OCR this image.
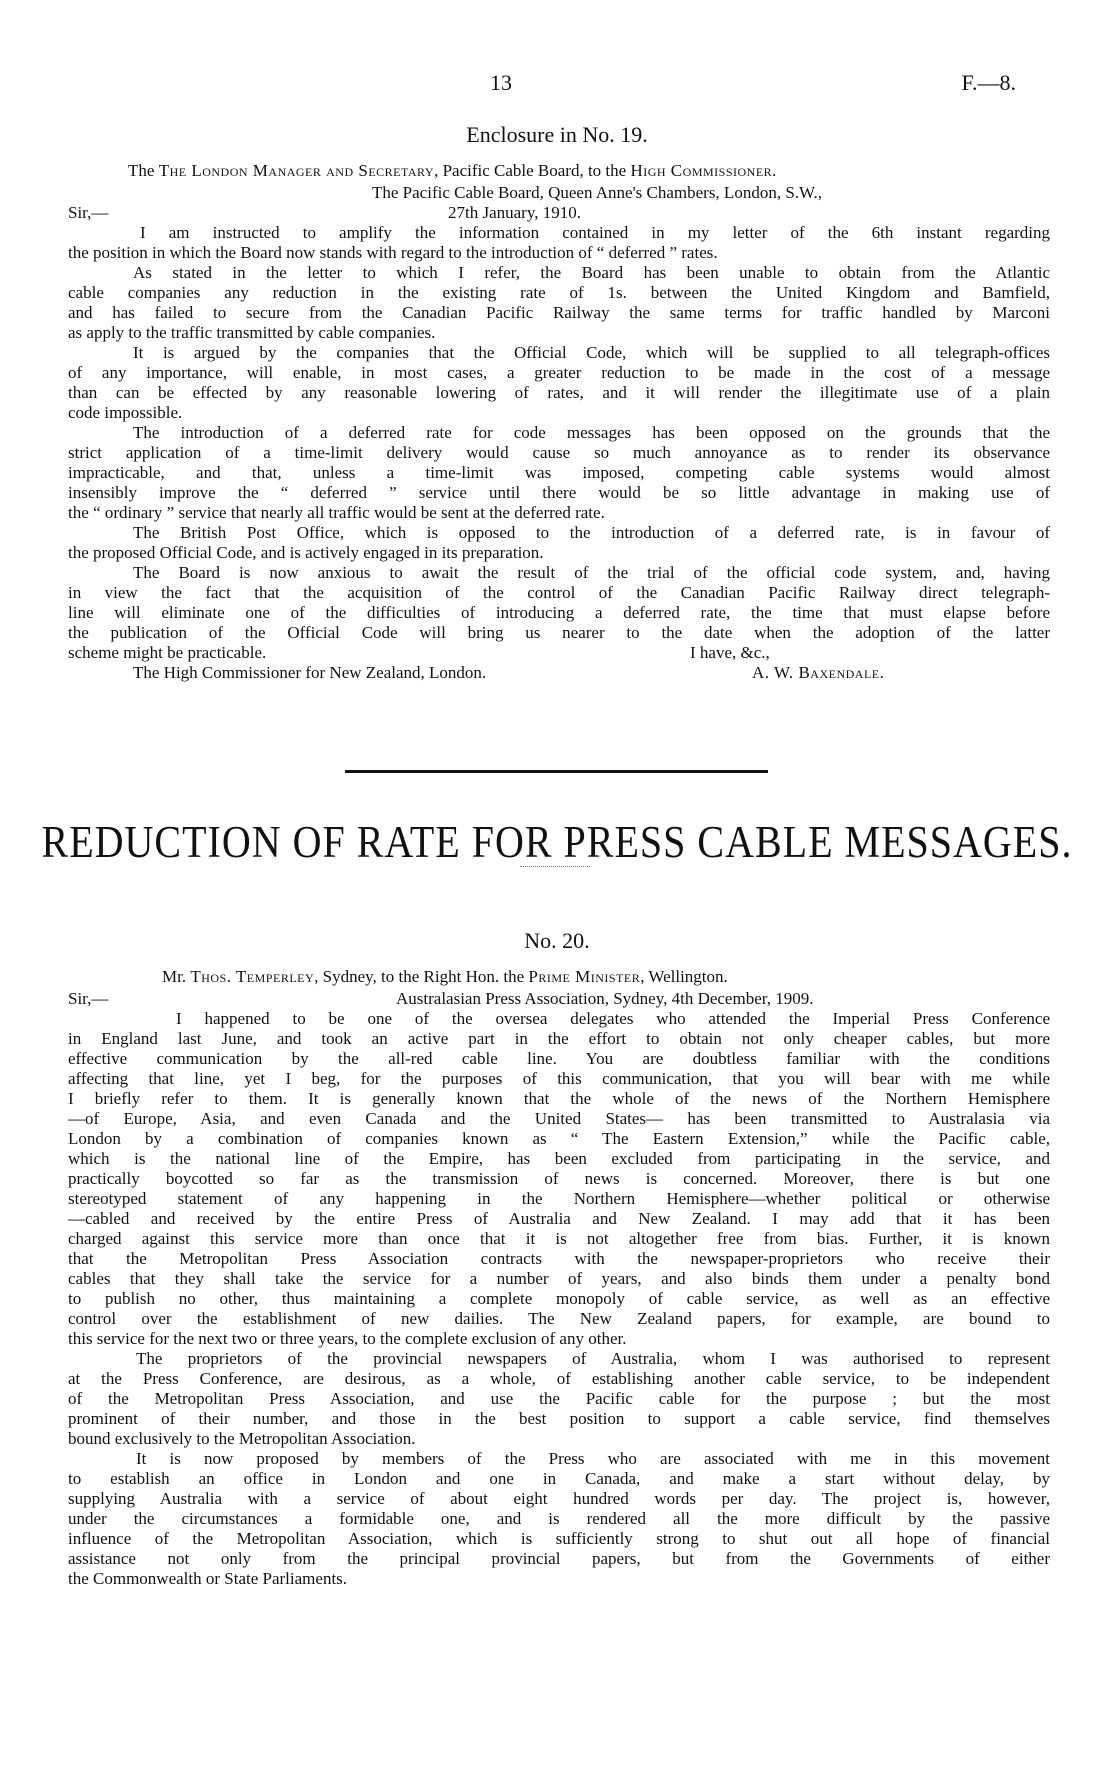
13	F.—8.
Enclosure in No. 19.
The The London Manager and Secretary, Pacific Cable Board, to the High Commissioner.
The Pacific Cable Board, Queen Anne's Chambers, London, S.W.,
Sir,—	27th January, 1910.
I am instructed to amplify the information contained in my letter of the 6th instant regarding
the position in which the Board now stands with regard to the introduction of “ deferred ” rates.
As stated in the letter to which I refer, the Board has been unable to obtain from the Atlantic
cable companies any reduction in the existing rate of 1s. between the United Kingdom and Bamfield,
and has failed to secure from the Canadian Pacific Railway the same terms for traffic handled by Marconi
as apply to the traffic transmitted by cable companies.
It is argued by the companies that the Official Code, which will be supplied to all telegraph-offices
of any importance, will enable, in most cases, a greater reduction to be made in the cost of a message
than can be effected by any reasonable lowering of rates, and it will render the illegitimate use of a plain
code impossible.
The introduction of a deferred rate for code messages has been opposed on the grounds that the
strict application of a time-limit delivery would cause so much annoyance as to render its observance
impracticable, and that, unless a time-limit was imposed, competing cable systems would almost
insensibly improve the “ deferred ” service until there would be so little advantage in making use of
the “ ordinary ” service that nearly all traffic would be sent at the deferred rate.
The British Post Office, which is opposed to the introduction of a deferred rate, is in favour of
the proposed Official Code, and is actively engaged in its preparation.
The Board is now anxious to await the result of the trial of the official code system, and, having
in view the fact that the acquisition of the control of the Canadian Pacific Railway direct telegraph-
line will eliminate one of the difficulties of introducing a deferred rate, the time that must elapse before
the publication of the Official Code will bring us nearer to the date when the adoption of the latter
scheme might be practicable.	I have, &c.,
The High Commissioner for New Zealand, London.	A. W. Baxendale.
REDUCTION OF RATE FOR PRESS CABLE MESSAGES.
No. 20.
Mr. Thos. Temperley, Sydney, to the Right Hon. the Prime Minister, Wellington.
Sir,—	Australasian Press Association, Sydney, 4th December, 1909.
I happened to be one of the oversea delegates who attended the Imperial Press Conference
in England last June, and took an active part in the effort to obtain not only cheaper cables, but more
effective communication by the all-red cable line. You are doubtless familiar with the conditions
affecting that line, yet I beg, for the purposes of this communication, that you will bear with me while
I briefly refer to them. It is generally known that the whole of the news of the Northern Hemisphere
—of Europe, Asia, and even Canada and the United States— has been transmitted to Australasia via
London by a combination of companies known as “ The Eastern Extension,” while the Pacific cable,
which is the national line of the Empire, has been excluded from participating in the service, and
practically boycotted so far as the transmission of news is concerned. Moreover, there is but one
stereotyped statement of any happening in the Northern Hemisphere—whether political or otherwise
—cabled and received by the entire Press of Australia and New Zealand. I may add that it has been
charged against this service more than once that it is not altogether free from bias. Further, it is known
that the Metropolitan Press Association contracts with the newspaper-proprietors who receive their
cables that they shall take the service for a number of years, and also binds them under a penalty bond
to publish no other, thus maintaining a complete monopoly of cable service, as well as an effective
control over the establishment of new dailies. The New Zealand papers, for example, are bound to
this service for the next two or three years, to the complete exclusion of any other.
The proprietors of the provincial newspapers of Australia, whom I was authorised to represent
at the Press Conference, are desirous, as a whole, of establishing another cable service, to be independent
of the Metropolitan Press Association, and use the Pacific cable for the purpose ; but the most
prominent of their number, and those in the best position to support a cable service, find themselves
bound exclusively to the Metropolitan Association.
It is now proposed by members of the Press who are associated with me in this movement
to establish an office in London and one in Canada, and make a start without delay, by
supplying Australia with a service of about eight hundred words per day. The project is, however,
under the circumstances a formidable one, and is rendered all the more difficult by the passive
influence of the Metropolitan Association, which is sufficiently strong to shut out all hope of financial
assistance not only from the principal provincial papers, but from the Governments of either
the Commonwealth or State Parliaments.
